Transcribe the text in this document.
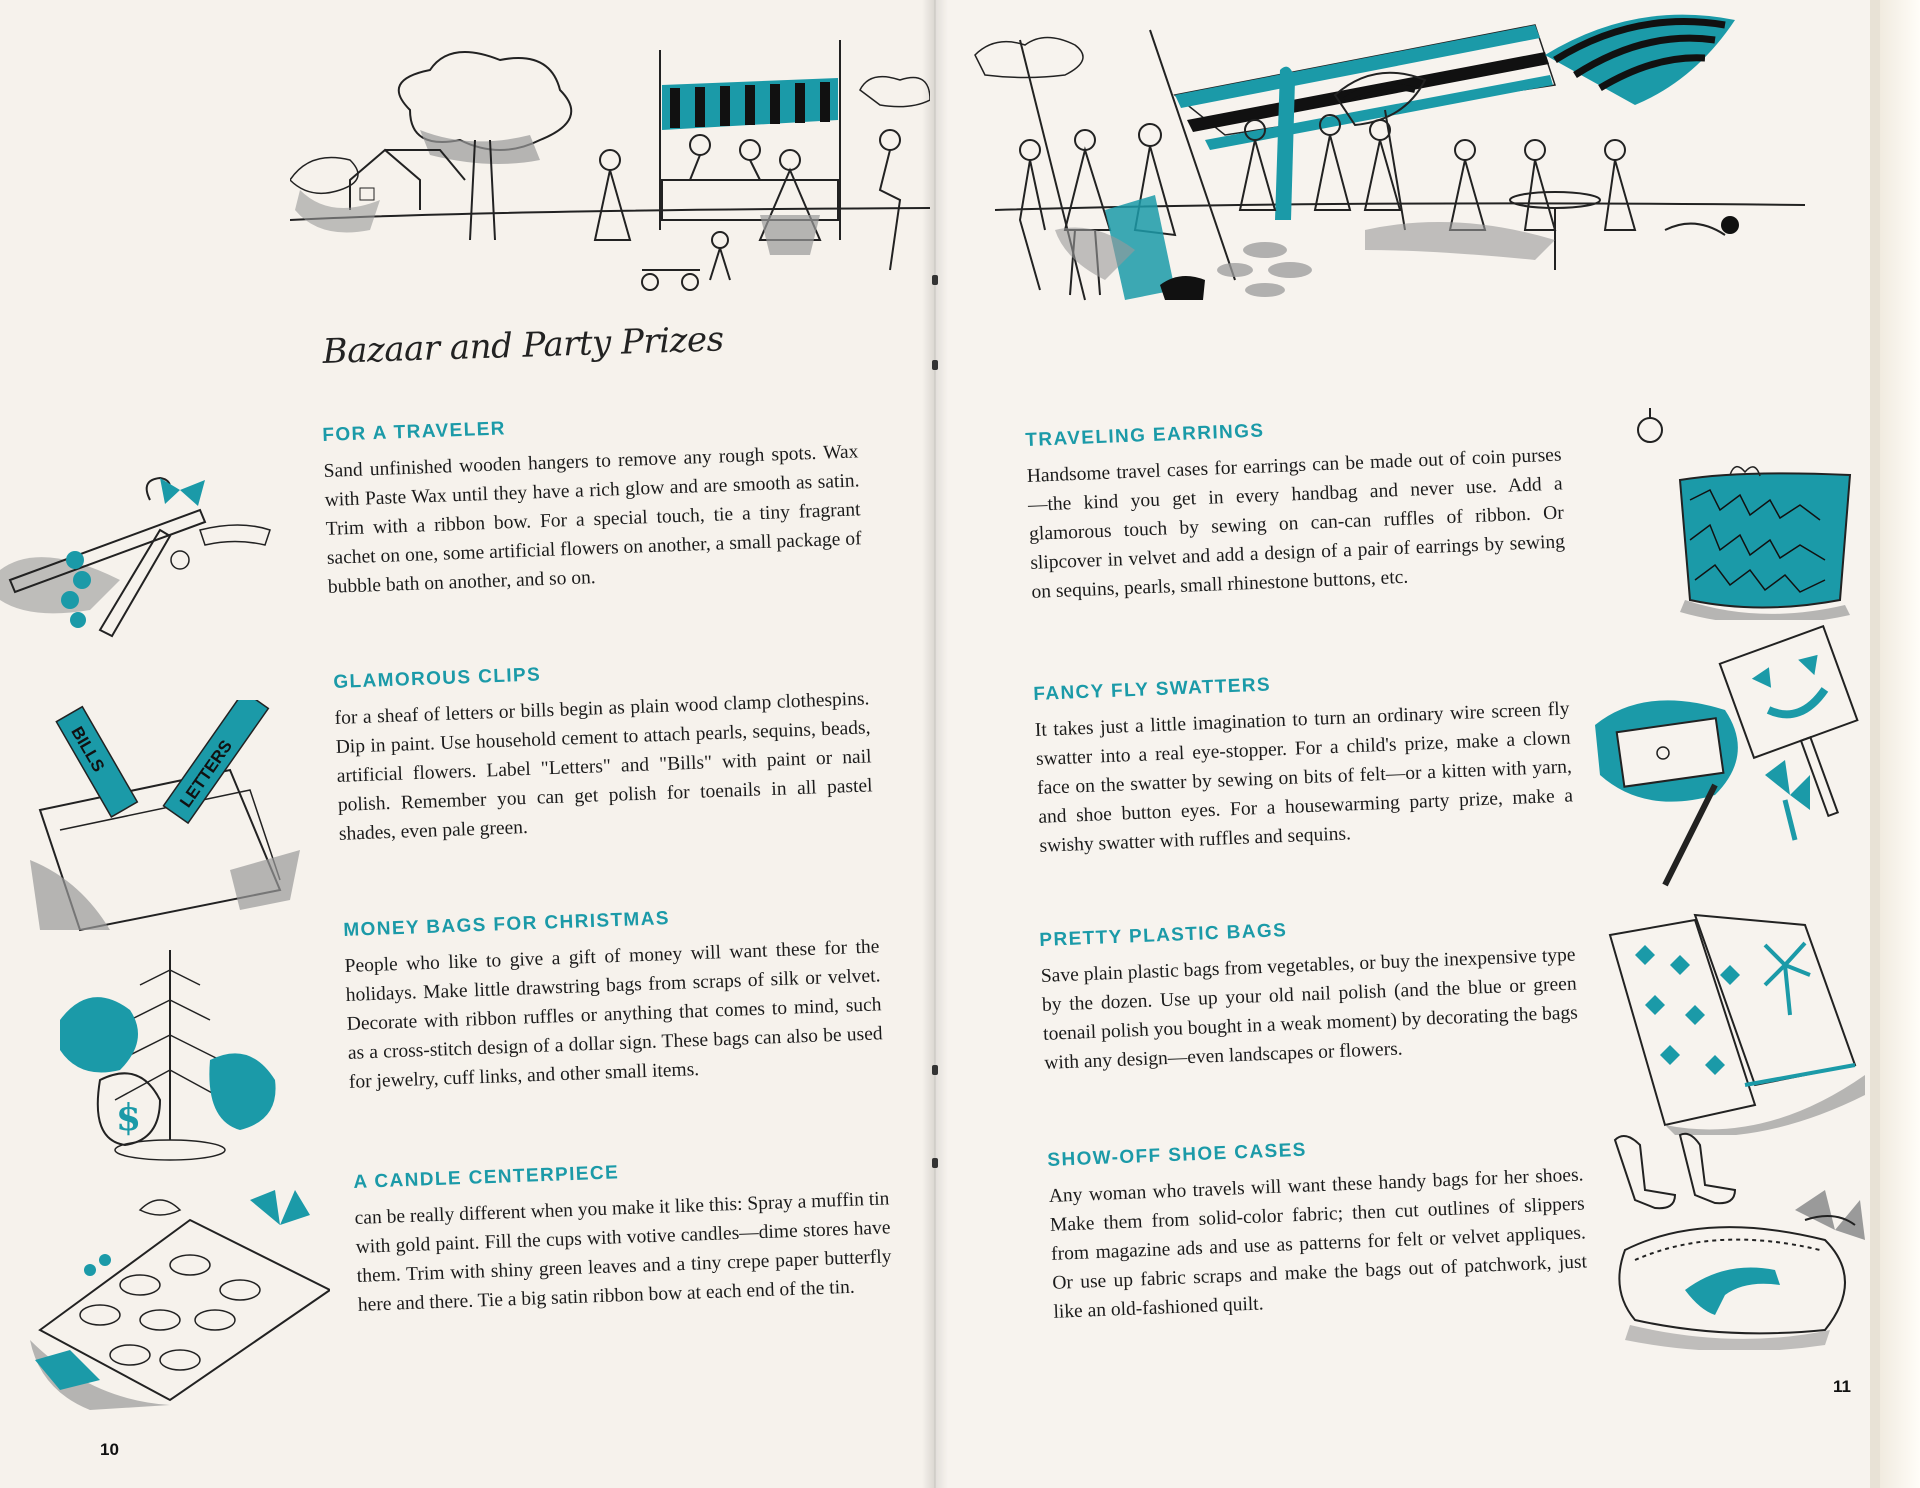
Bazaar and Party Prizes
BILLS	LETTERS
$
FOR A TRAVELER

Sand unfinished wooden hangers to remove any rough spots. Wax with Paste Wax until they have a rich glow and are smooth as satin. Trim with a ribbon bow. For a special touch, tie a tiny fragrant sachet on one, some artificial flowers on another, a small package of bubble bath on another, and so on.

GLAMOROUS CLIPS

for a sheaf of letters or bills begin as plain wood clamp clothespins. Dip in paint. Use household cement to attach pearls, sequins, beads, artificial flowers. Label "Letters" and "Bills" with paint or nail polish. Remember you can get polish for toenails in all pastel shades, even pale green.

MONEY BAGS FOR CHRISTMAS

People who like to give a gift of money will want these for the holidays. Make little drawstring bags from scraps of silk or velvet. Decorate with ribbon ruffles or anything that comes to mind, such as a cross-stitch design of a dollar sign. These bags can also be used for jewelry, cuff links, and other small items.

A CANDLE CENTERPIECE

can be really different when you make it like this: Spray a muffin tin with gold paint. Fill the cups with votive candles—dime stores have them. Trim with shiny green leaves and a tiny crepe paper butterfly here and there. Tie a big satin ribbon bow at each end of the tin.

10
TRAVELING EARRINGS

Handsome travel cases for earrings can be made out of coin purses—the kind you get in every handbag and never use. Add a glamorous touch by sewing on can-can ruffles of ribbon. Or slipcover in velvet and add a design of a pair of earrings by sewing on sequins, pearls, small rhinestone buttons, etc.

FANCY FLY SWATTERS

It takes just a little imagination to turn an ordinary wire screen fly swatter into a real eye-stopper. For a child's prize, make a clown face on the swatter by sewing on bits of felt—or a kitten with yarn, and shoe button eyes. For a housewarming party prize, make a swishy swatter with ruffles and sequins.

PRETTY PLASTIC BAGS

Save plain plastic bags from vegetables, or buy the inexpensive type by the dozen. Use up your old nail polish (and the blue or green toenail polish you bought in a weak moment) by decorating the bags with any design—even landscapes or flowers.

SHOW-OFF SHOE CASES

Any woman who travels will want these handy bags for her shoes. Make them from solid-color fabric; then cut outlines of slippers from magazine ads and use as patterns for felt or velvet appliques. Or use up fabric scraps and make the bags out of patchwork, just like an old-fashioned quilt.

11
